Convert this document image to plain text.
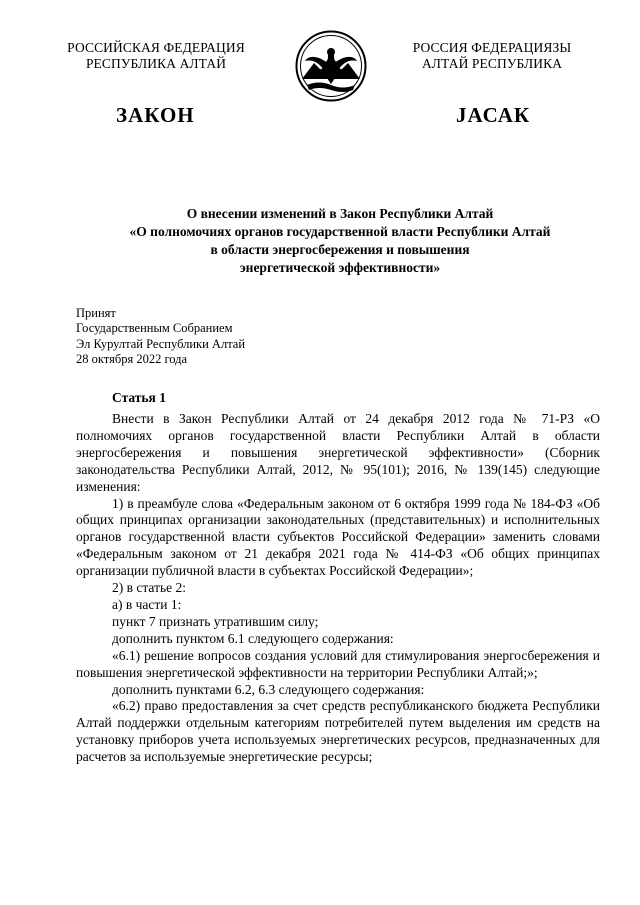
РОССИЙСКАЯ ФЕДЕРАЦИЯ
РЕСПУБЛИКА АЛТАЙ
РОССИЯ ФЕДЕРАЦИЯЗЫ
АЛТАЙ РЕСПУБЛИКА
ЗАКОН	JАСАК
О внесении изменений в Закон Республики Алтай
«О полномочиях органов государственной власти Республики Алтай
в области энергосбережения и повышения
энергетической эффективности»
Принят
Государственным Собранием
Эл Курултай Республики Алтай
28 октября 2022 года
Статья 1

Внести в Закон Республики Алтай от 24 декабря 2012 года № 71-РЗ «О полномочиях органов государственной власти Республики Алтай в области энергосбережения и повышения энергетической эффективности» (Сборник законодательства Республики Алтай, 2012, № 95(101); 2016, № 139(145) следующие изменения:

1) в преамбуле слова «Федеральным законом от 6 октября 1999 года № 184-ФЗ «Об общих принципах организации законодательных (представительных) и исполнительных органов государственной власти субъектов Российской Федерации» заменить словами «Федеральным законом от 21 декабря 2021 года № 414-ФЗ «Об общих принципах организации публичной власти в субъектах Российской Федерации»;

2) в статье 2:

а) в части 1:

пункт 7 признать утратившим силу;

дополнить пунктом 6.1 следующего содержания:

«6.1) решение вопросов создания условий для стимулирования энергосбережения и повышения энергетической эффективности на территории Республики Алтай;»;

дополнить пунктами 6.2, 6.3 следующего содержания:

«6.2) право предоставления за счет средств республиканского бюджета Республики Алтай поддержки отдельным категориям потребителей путем выделения им средств на установку приборов учета используемых энергетических ресурсов, предназначенных для расчетов за используемые энергетические ресурсы;
